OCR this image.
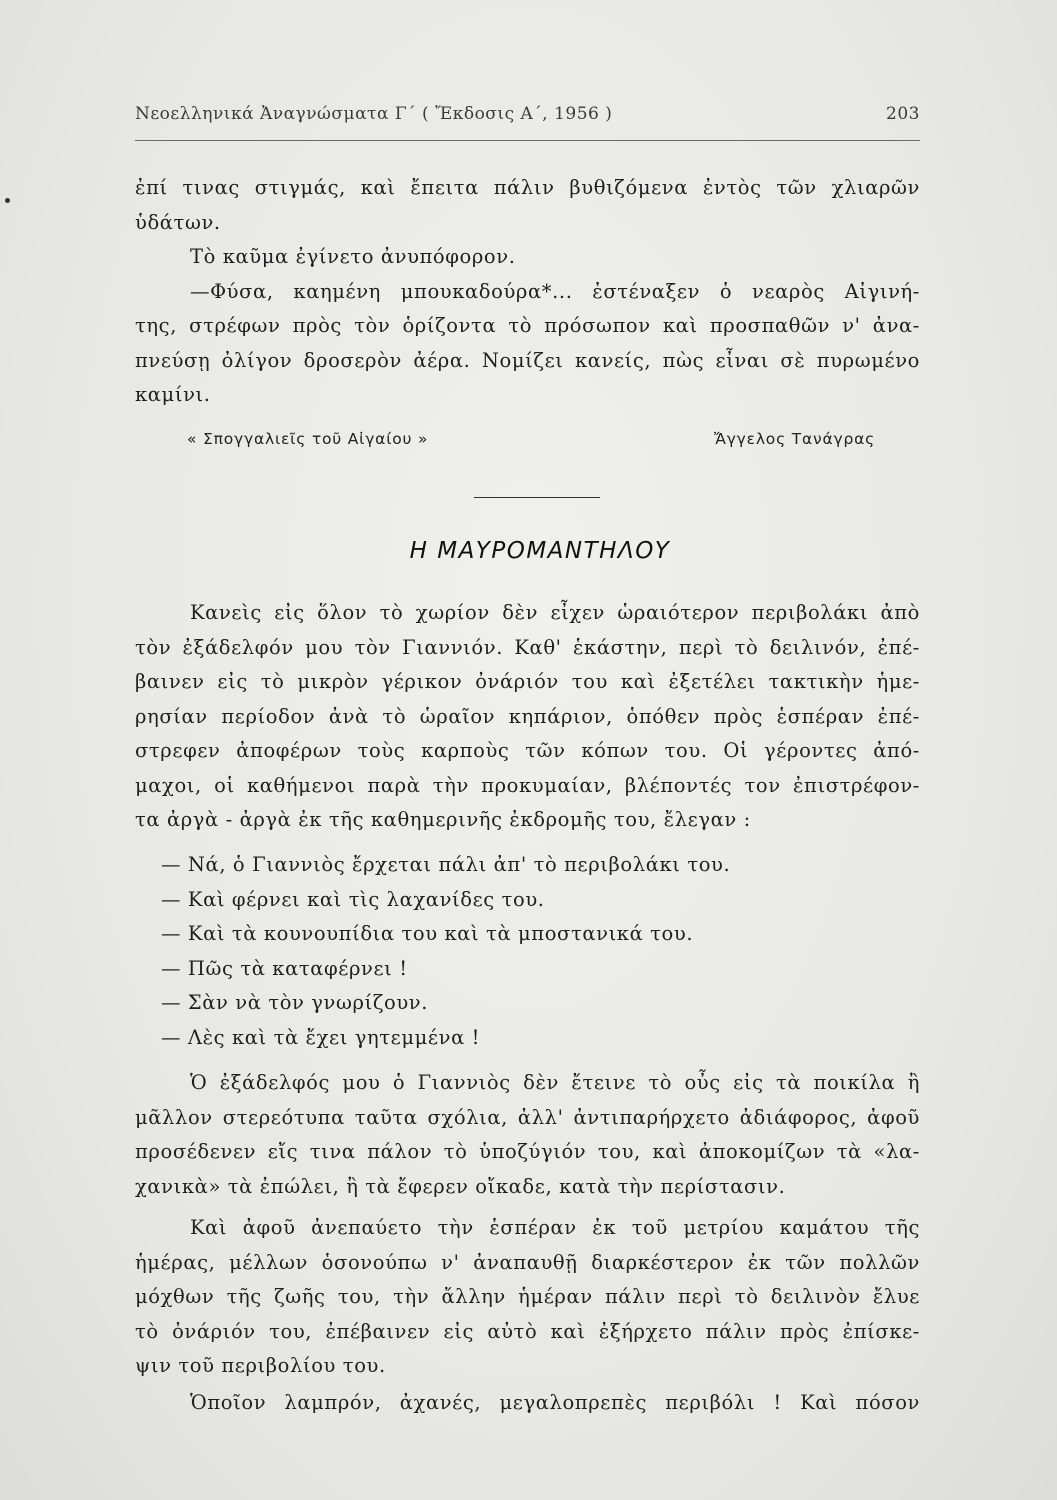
Νεοελληνικά Ἀναγνώσματα Γ΄ ( Ἔκδοσις Α΄, 1956 )	203
ἐπί τινας στιγμάς, καὶ ἔπειτα πάλιν βυθιζόμενα ἐντὸς τῶν χλιαρῶν
ὑδάτων.
Τὸ καῦμα ἐγίνετο ἀνυπόφορον.
—Φύσα, καημένη μπουκαδούρα*... ἐστέναξεν ὁ νεαρὸς Αἰγινή-
της, στρέφων πρὸς τὸν ὁρίζοντα τὸ πρόσωπον καὶ προσπαθῶν ν' ἀνα-
πνεύσῃ ὀλίγον δροσερὸν ἀέρα. Νομίζει κανείς, πὼς εἶναι σὲ πυρωμένο
καμίνι.
« Σπογγαλιεῖς τοῦ Αἰγαίου »	Ἄγγελος Τανάγρας
Η ΜΑΥΡΟΜΑΝΤΗΛΟΥ
Κανεὶς εἰς ὅλον τὸ χωρίον δὲν εἶχεν ὡραιότερον περιβολάκι ἀπὸ
τὸν ἐξάδελφόν μου τὸν Γιαννιόν. Καθ' ἑκάστην, περὶ τὸ δειλινόν, ἐπέ-
βαινεν εἰς τὸ μικρὸν γέρικον ὀνάριόν του καὶ ἐξετέλει τακτικὴν ἡμε-
ρησίαν περίοδον ἀνὰ τὸ ὡραῖον κηπάριον, ὁπόθεν πρὸς ἑσπέραν ἐπέ-
στρεφεν ἀποφέρων τοὺς καρποὺς τῶν κόπων του. Οἱ γέροντες ἀπό-
μαχοι, οἱ καθήμενοι παρὰ τὴν προκυμαίαν, βλέποντές τον ἐπιστρέφον-
τα ἀργὰ - ἀργὰ ἐκ τῆς καθημερινῆς ἐκδρομῆς του, ἔλεγαν :
— Νά, ὁ Γιαννιὸς ἔρχεται πάλι ἀπ' τὸ περιβολάκι του.
— Καὶ φέρνει καὶ τὶς λαχανίδες του.
— Καὶ τὰ κουνουπίδια του καὶ τὰ μποστανικά του.
— Πῶς τὰ καταφέρνει !
— Σὰν νὰ τὸν γνωρίζουν.
— Λὲς καὶ τὰ ἔχει γητεμμένα !
Ὁ ἐξάδελφός μου ὁ Γιαννιὸς δὲν ἔτεινε τὸ οὖς εἰς τὰ ποικίλα ἢ
μᾶλλον στερεότυπα ταῦτα σχόλια, ἀλλ' ἀντιπαρήρχετο ἀδιάφορος, ἀφοῦ
προσέδενεν εἴς τινα πάλον τὸ ὑποζύγιόν του, καὶ ἀποκομίζων τὰ «λα-
χανικὰ» τὰ ἐπώλει, ἢ τὰ ἔφερεν οἴκαδε, κατὰ τὴν περίστασιν.
Καὶ ἀφοῦ ἀνεπαύετο τὴν ἑσπέραν ἐκ τοῦ μετρίου καμάτου τῆς
ἡμέρας, μέλλων ὁσονούπω ν' ἀναπαυθῇ διαρκέστερον ἐκ τῶν πολλῶν
μόχθων τῆς ζωῆς του, τὴν ἄλλην ἡμέραν πάλιν περὶ τὸ δειλινὸν ἔλυε
τὸ ὀνάριόν του, ἐπέβαινεν εἰς αὐτὸ καὶ ἐξήρχετο πάλιν πρὸς ἐπίσκε-
ψιν τοῦ περιβολίου του.
Ὁποῖον λαμπρόν, ἀχανές, μεγαλοπρεπὲς περιβόλι ! Καὶ πόσον
